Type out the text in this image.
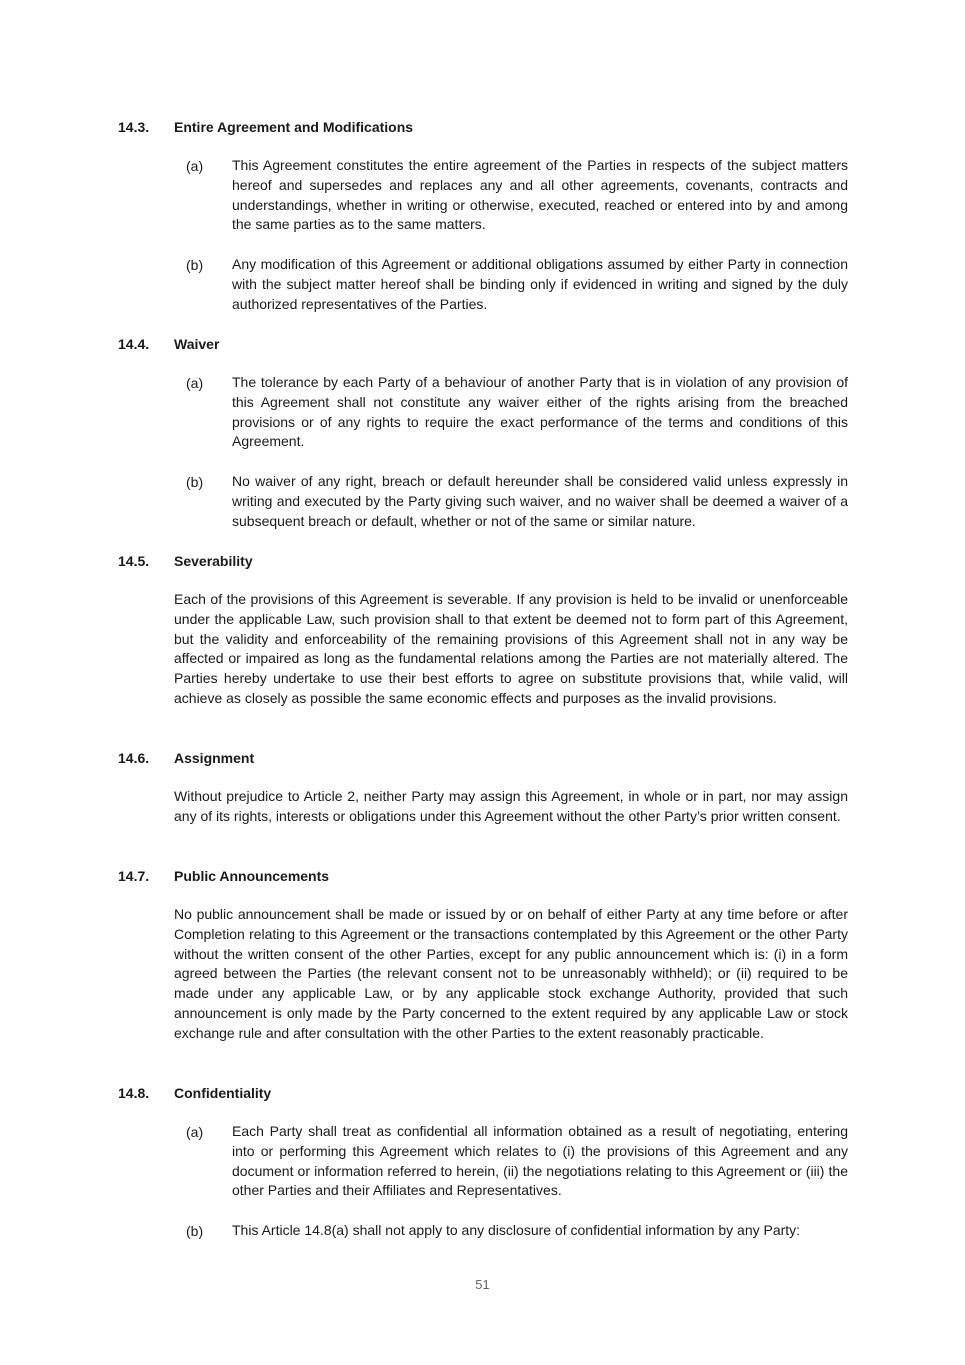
14.3. Entire Agreement and Modifications
(a) This Agreement constitutes the entire agreement of the Parties in respects of the subject matters hereof and supersedes and replaces any and all other agreements, covenants, contracts and understandings, whether in writing or otherwise, executed, reached or entered into by and among the same parties as to the same matters.
(b) Any modification of this Agreement or additional obligations assumed by either Party in connection with the subject matter hereof shall be binding only if evidenced in writing and signed by the duly authorized representatives of the Parties.
14.4. Waiver
(a) The tolerance by each Party of a behaviour of another Party that is in violation of any provision of this Agreement shall not constitute any waiver either of the rights arising from the breached provisions or of any rights to require the exact performance of the terms and conditions of this Agreement.
(b) No waiver of any right, breach or default hereunder shall be considered valid unless expressly in writing and executed by the Party giving such waiver, and no waiver shall be deemed a waiver of a subsequent breach or default, whether or not of the same or similar nature.
14.5. Severability
Each of the provisions of this Agreement is severable. If any provision is held to be invalid or unenforceable under the applicable Law, such provision shall to that extent be deemed not to form part of this Agreement, but the validity and enforceability of the remaining provisions of this Agreement shall not in any way be affected or impaired as long as the fundamental relations among the Parties are not materially altered. The Parties hereby undertake to use their best efforts to agree on substitute provisions that, while valid, will achieve as closely as possible the same economic effects and purposes as the invalid provisions.
14.6. Assignment
Without prejudice to Article 2, neither Party may assign this Agreement, in whole or in part, nor may assign any of its rights, interests or obligations under this Agreement without the other Party’s prior written consent.
14.7. Public Announcements
No public announcement shall be made or issued by or on behalf of either Party at any time before or after Completion relating to this Agreement or the transactions contemplated by this Agreement or the other Party without the written consent of the other Parties, except for any public announcement which is: (i) in a form agreed between the Parties (the relevant consent not to be unreasonably withheld); or (ii) required to be made under any applicable Law, or by any applicable stock exchange Authority, provided that such announcement is only made by the Party concerned to the extent required by any applicable Law or stock exchange rule and after consultation with the other Parties to the extent reasonably practicable.
14.8. Confidentiality
(a) Each Party shall treat as confidential all information obtained as a result of negotiating, entering into or performing this Agreement which relates to (i) the provisions of this Agreement and any document or information referred to herein, (ii) the negotiations relating to this Agreement or (iii) the other Parties and their Affiliates and Representatives.
(b) This Article 14.8(a) shall not apply to any disclosure of confidential information by any Party:
51
